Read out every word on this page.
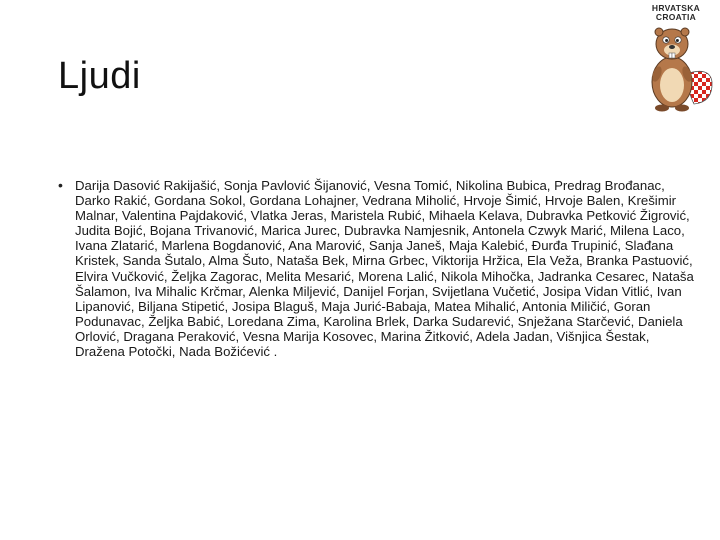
Ljudi
• Darija Dasović Rakijašić, Sonja Pavlović Šijanović, Vesna Tomić, Nikolina Bubica, Predrag Brođanac, Darko Rakić, Gordana Sokol, Gordana Lohajner, Vedrana Miholić, Hrvoje Šimić, Hrvoje Balen, Krešimir Malnar, Valentina Pajdaković, Vlatka Jeras, Maristela Rubić, Mihaela Kelava, Dubravka Petković Žigrović, Judita Bojić, Bojana Trivanović, Marica Jurec, Dubravka Namjesnik, Antonela Czwyk Marić, Milena Laco, Ivana Zlatarić, Marlena Bogdanović, Ana Marović, Sanja Janeš, Maja Kalebić, Đurđa Trupinić, Slađana Kristek, Sanda Šutalo, Alma Šuto, Nataša Bek, Mirna Grbec, Viktorija Hržica, Ela Veža, Branka Pastuović, Elvira Vučković, Željka Zagorac, Melita Mesarić, Morena Lalić, Nikola Mihočka, Jadranka Cesarec, Nataša Šalamon, Iva Mihalic Krčmar, Alenka Miljević, Danijel Forjan, Svijetlana Vučetić, Josipa Vidan Vitlić, Ivan Lipanović, Biljana Stipetić, Josipa Blaguš, Maja Jurić-Babaja, Matea Mihalić, Antonia Miličić, Goran Podunavac, Željka Babić, Loredana Zima, Karolina Brlek, Darka Sudarević, Snježana Starčević, Daniela Orlović, Dragana Peraković, Vesna Marija Kosovec, Marina Žitković, Adela Jadan, Višnjica Šestak, Dražena Potočki, Nada Božićević .
HRVATSKA
CROATIA
